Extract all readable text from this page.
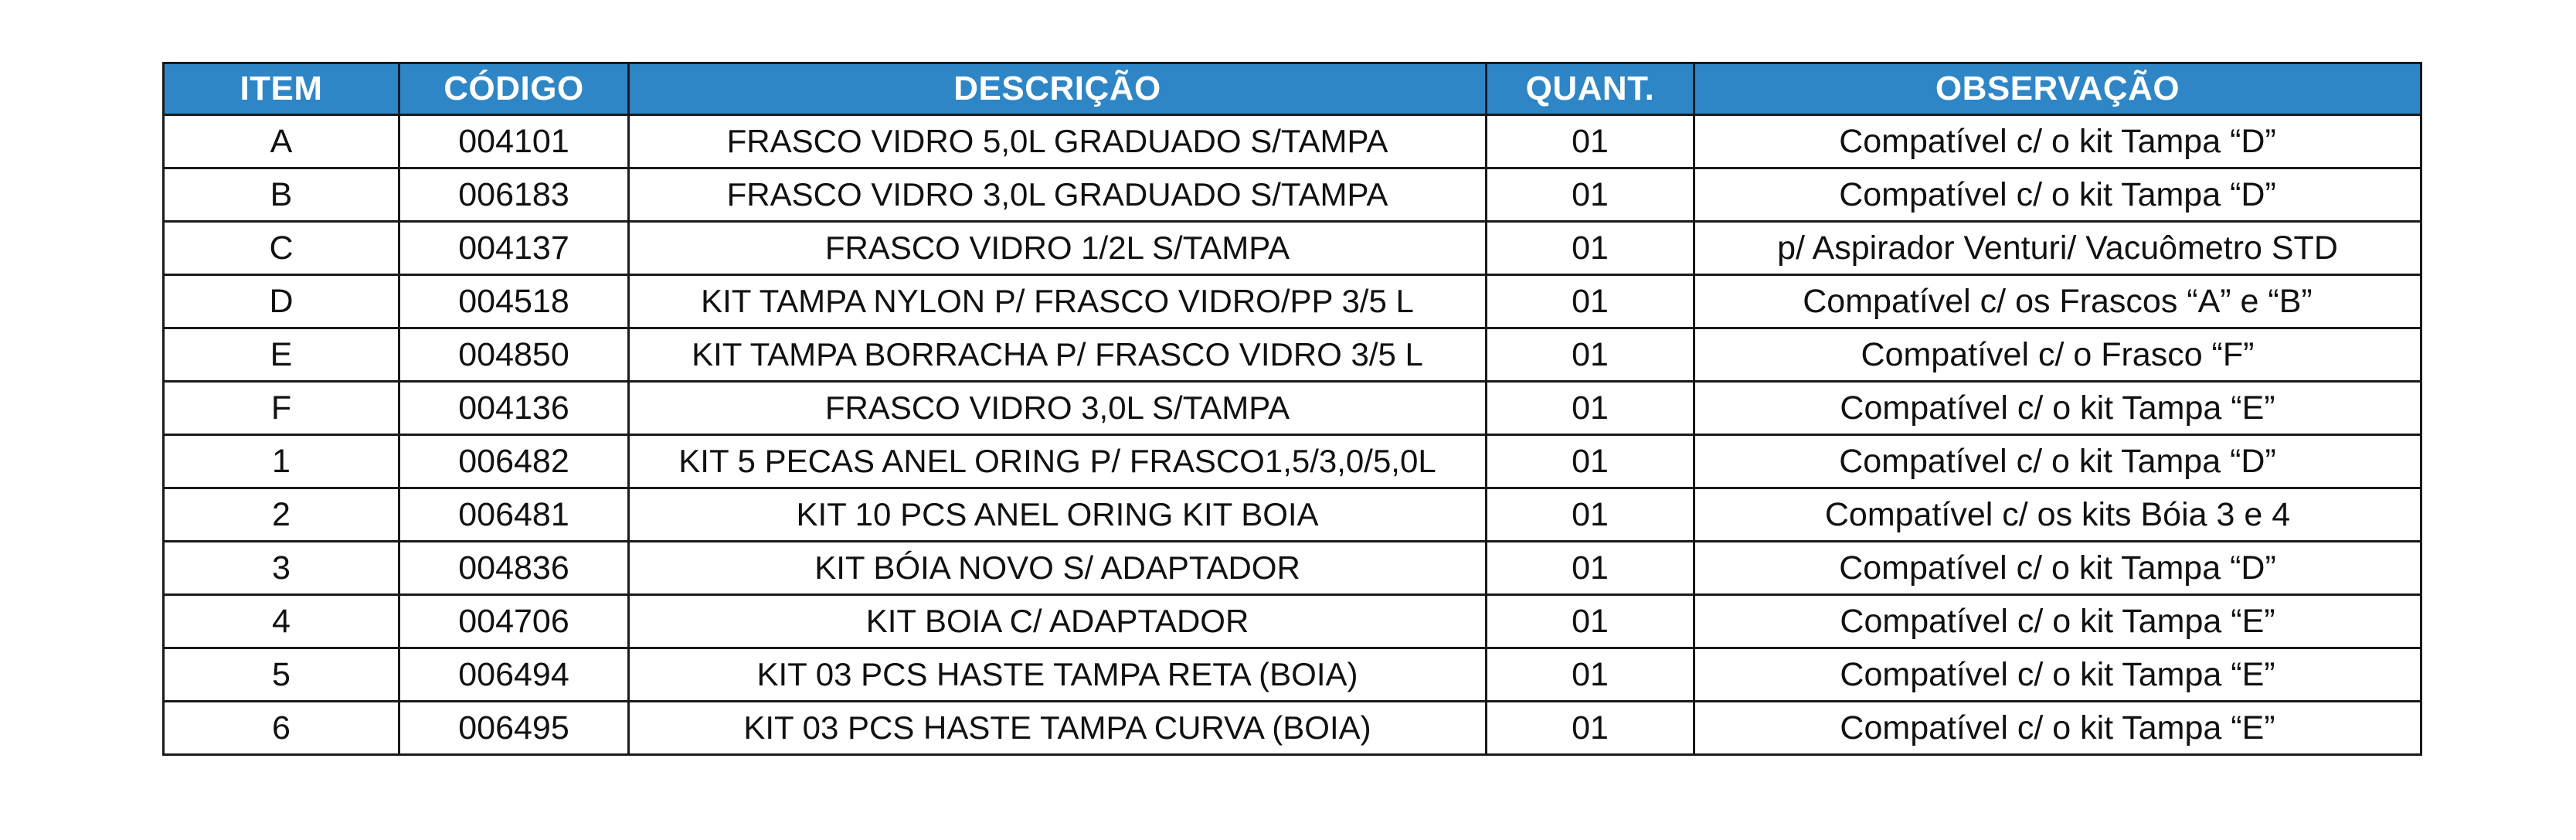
ITEM	CÓDIGO	DESCRIÇÃO	QUANT.	OBSERVAÇÃO
A	004101	FRASCO VIDRO 5,0L GRADUADO S/TAMPA	01	Compatível c/ o kit Tampa “D”
B	006183	FRASCO VIDRO 3,0L GRADUADO S/TAMPA	01	Compatível c/ o kit Tampa “D”
C	004137	FRASCO VIDRO 1/2L S/TAMPA	01	p/ Aspirador Venturi/ Vacuômetro STD
D	004518	KIT TAMPA NYLON P/ FRASCO VIDRO/PP 3/5 L	01	Compatível c/ os Frascos “A” e “B”
E	004850	KIT TAMPA BORRACHA P/ FRASCO VIDRO 3/5 L	01	Compatível c/ o Frasco “F”
F	004136	FRASCO VIDRO 3,0L S/TAMPA	01	Compatível c/ o kit Tampa “E”
1	006482	KIT 5 PECAS ANEL ORING P/ FRASCO1,5/3,0/5,0L	01	Compatível c/ o kit Tampa “D”
2	006481	KIT 10 PCS ANEL ORING KIT BOIA	01	Compatível c/ os kits Bóia 3 e 4
3	004836	KIT BÓIA NOVO S/ ADAPTADOR	01	Compatível c/ o kit Tampa “D”
4	004706	KIT BOIA C/ ADAPTADOR	01	Compatível c/ o kit Tampa “E”
5	006494	KIT 03 PCS HASTE TAMPA RETA (BOIA)	01	Compatível c/ o kit Tampa “E”
6	006495	KIT 03 PCS HASTE TAMPA CURVA (BOIA)	01	Compatível c/ o kit Tampa “E”
